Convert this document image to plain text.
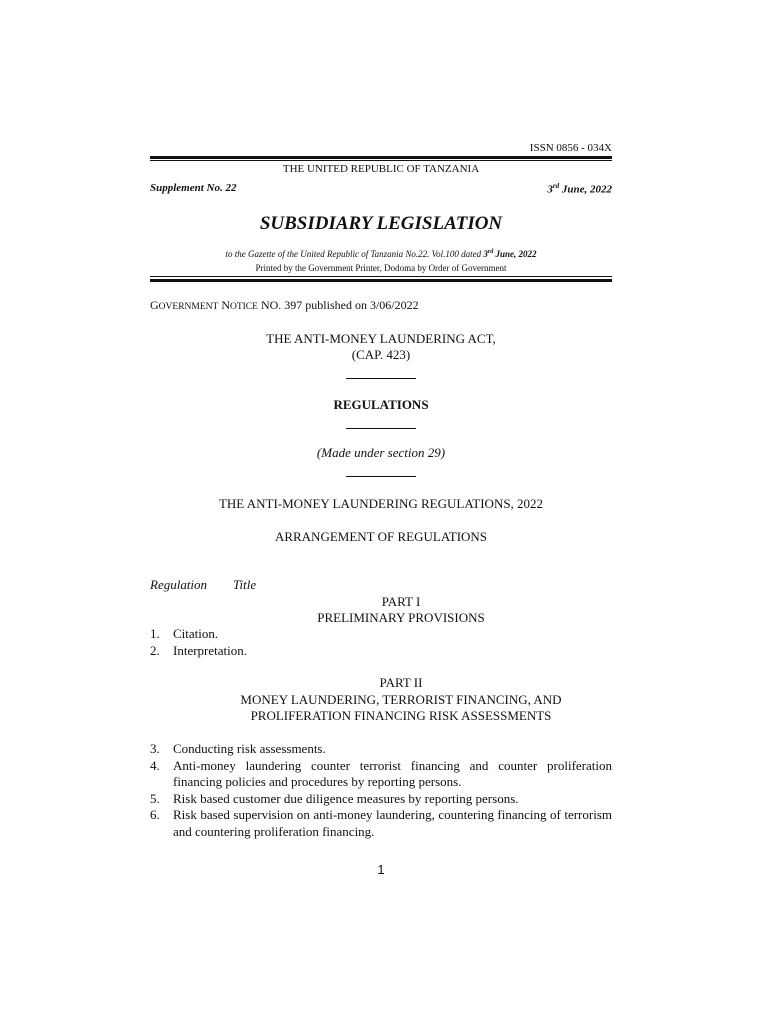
ISSN 0856 - 034X
THE UNITED REPUBLIC OF TANZANIA
Supplement No. 22	3rd June, 2022
SUBSIDIARY LEGISLATION
to the Gazette of the United Republic of Tanzania No.22. Vol.100 dated 3rd June, 2022
Printed by the Government Printer, Dodoma by Order of Government
GOVERNMENT NOTICE NO. 397 published on 3/06/2022
THE ANTI-MONEY LAUNDERING ACT,
(CAP. 423)
REGULATIONS
(Made under section 29)
THE ANTI-MONEY LAUNDERING REGULATIONS, 2022
ARRANGEMENT OF REGULATIONS
Regulation Title
PART I
PRELIMINARY PROVISIONS
1.	Citation.
2.	Interpretation.
PART II
MONEY LAUNDERING, TERRORIST FINANCING, AND
PROLIFERATION FINANCING RISK ASSESSMENTS
3.	Conducting risk assessments.
4.	Anti-money laundering counter terrorist financing and counter proliferation financing policies and procedures by reporting persons.
5.	Risk based customer due diligence measures by reporting persons.
6.	Risk based supervision on anti-money laundering, countering financing of terrorism and countering proliferation financing.
1
